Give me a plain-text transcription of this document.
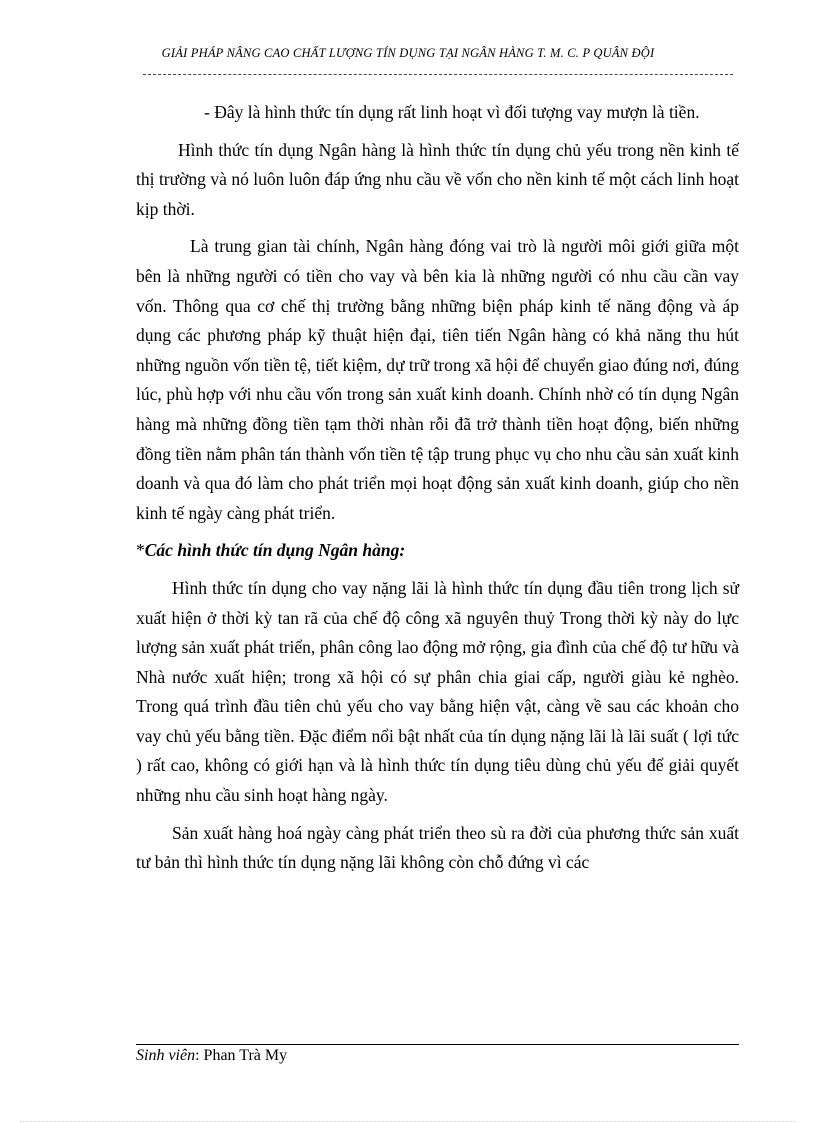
GIẢI PHÁP NÂNG CAO CHẤT LƯỢNG TÍN DỤNG TẠI NGÂN HÀNG T. M. C. P QUÂN ĐỘI

- Đây là hình thức tín dụng rất linh hoạt vì đối tượng vay mượn là tiền.

Hình thức tín dụng Ngân hàng là hình thức tín dụng chủ yếu trong nền kinh tế thị trường và nó luôn luôn đáp ứng nhu cầu về vốn cho nền kinh tế một cách linh hoạt kịp thời.

Là trung gian tài chính, Ngân hàng đóng vai trò là người môi giới giữa một bên là những người có tiền cho vay và bên kia là những người có nhu cầu cần vay vốn. Thông qua cơ chế thị trường bằng những biện pháp kinh tế năng động và áp dụng các phương pháp kỹ thuật hiện đại, tiên tiến Ngân hàng có khả năng thu hút những nguồn vốn tiền tệ, tiết kiệm, dự trữ trong xã hội để chuyển giao đúng nơi, đúng lúc, phù hợp với nhu cầu vốn trong sản xuất kinh doanh. Chính nhờ có tín dụng Ngân hàng mà những đồng tiền tạm thời nhàn rỗi đã trở thành tiền hoạt động, biến những đồng tiền nằm phân tán thành vốn tiền tệ tập trung phục vụ cho nhu cầu sản xuất kinh doanh và qua đó làm cho phát triển mọi hoạt động sản xuất kinh doanh, giúp cho nền kinh tế ngày càng phát triển.

*Các hình thức tín dụng Ngân hàng:

Hình thức tín dụng cho vay nặng lãi là hình thức tín dụng đầu tiên trong lịch sử xuất hiện ở thời kỳ tan rã của chế độ công xã nguyên thuỷ Trong thời kỳ này do lực lượng sản xuất phát triển, phân công lao động mở rộng, gia đình của chế độ tư hữu và Nhà nước xuất hiện; trong xã hội có sự phân chia giai cấp, người giàu kẻ nghèo. Trong quá trình đầu tiên chủ yếu cho vay bằng hiện vật, càng về sau các khoản cho vay chủ yếu bằng tiền. Đặc điểm nổi bật nhất của tín dụng nặng lãi là lãi suất ( lợi tức ) rất cao, không có giới hạn và là hình thức tín dụng tiêu dùng chủ yếu để giải quyết những nhu cầu sinh hoạt hàng ngày.

Sản xuất hàng hoá ngày càng phát triển theo sù ra đời của phương thức sản xuất tư bản thì hình thức tín dụng nặng lãi không còn chỗ đứng vì các

Sinh viên: Phan Trà My
